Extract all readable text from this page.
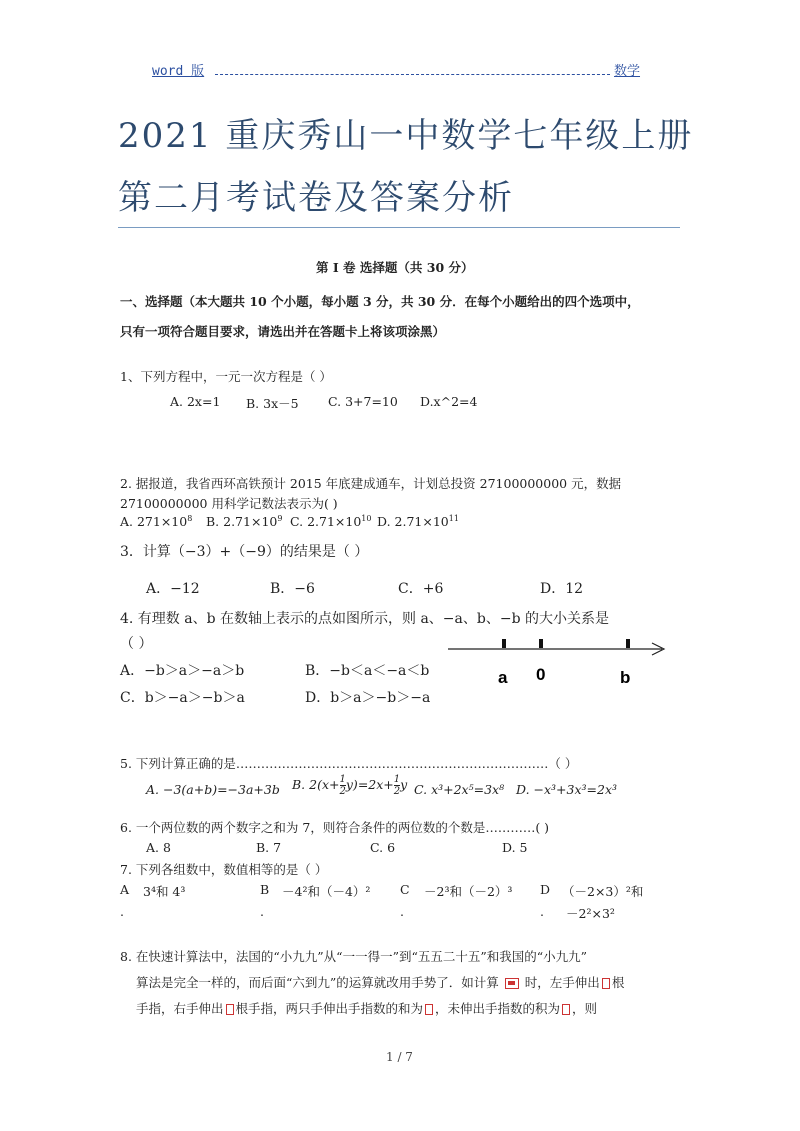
word 版	数学
2021 重庆秀山一中数学七年级上册
第二月考试卷及答案分析
第 I 卷 选择题（共 30 分）
一、选择题（本大题共 10 个小题，每小题 3 分，共 30 分．在每个小题给出的四个选项中，
只有一项符合题目要求，请选出并在答题卡上将该项涂黑）
1、下列方程中，一元一次方程是（ ）
A. 2x=1 B. 3x－5 C. 3+7=10 D.x^2=4
2. 据报道，我省西环高铁预计 2015 年底建成通车，计划总投资 27100000000 元，数据
27100000000 用科学记数法表示为( )
A. $271\times 10^8$ B. $2.71\times 10^9$ C. $2.71\times 10^{10}$ D. $2.71\times 10^{11}$
3．计算（−3）+（−9）的结果是（ ）
A．−12	B．−6	C．+6	D．12
4. 有理数 a、b 在数轴上表示的点如图所示，则 a、−a、b、−b 的大小关系是
（ ）
A．−b＞a＞−a＞b	B．−b＜a＜−a＜b
C．b＞−a＞−b＞a	D．b＞a＞−b＞−a
a 0	b
5. 下列计算正确的是…………………………………………………………………（ ）
A. −3(a+b)=−3a+3b B. $2(x+ \frac{1}{2} y)=2x+ \frac{1}{2}$ y C. x³+2x⁵=3x⁸ D. −x³+3x³=2x³
6. 一个两位数的两个数字之和为 7，则符合条件的两位数的个数是…………( )
A. 8	B. 7	C. 6	D. 5
7. 下列各组数中，数值相等的是（ ）
A 3⁴和 4³	B －4²和（－4）² C －2³和（－2）³ D （－2×3）²和
.	.	.	. －2²×3²
8. 在快速计算法中，法国的“小九九”从“一一得一”到“五五二十五”和我国的“小九九”
算法是完全一样的，而后面“六到九”的运算就改用手势了．如计算 时，左手伸出 根
手指，右手伸出 根手指，两只手伸出手指数的和为 ，未伸出手指数的积为 ，则
1 / 7
